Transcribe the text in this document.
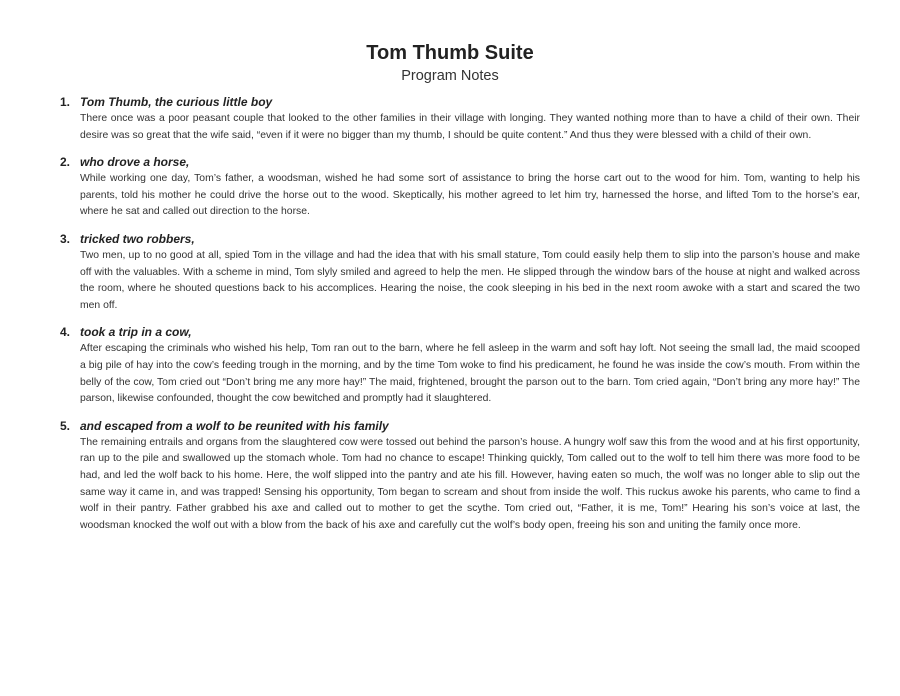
Tom Thumb Suite

Program Notes

1. Tom Thumb, the curious little boy

There once was a poor peasant couple that looked to the other families in their village with longing. They wanted nothing more than to have a child of their own. Their desire was so great that the wife said, “even if it were no bigger than my thumb, I should be quite content.” And thus they were blessed with a child of their own.

2. who drove a horse,

While working one day, Tom’s father, a woodsman, wished he had some sort of assistance to bring the horse cart out to the wood for him. Tom, wanting to help his parents, told his mother he could drive the horse out to the wood. Skeptically, his mother agreed to let him try, harnessed the horse, and lifted Tom to the horse’s ear, where he sat and called out direction to the horse.

3. tricked two robbers,

Two men, up to no good at all, spied Tom in the village and had the idea that with his small stature, Tom could easily help them to slip into the parson’s house and make off with the valuables. With a scheme in mind, Tom slyly smiled and agreed to help the men. He slipped through the window bars of the house at night and walked across the room, where he shouted questions back to his accomplices. Hearing the noise, the cook sleeping in his bed in the next room awoke with a start and scared the two men off.

4. took a trip in a cow,

After escaping the criminals who wished his help, Tom ran out to the barn, where he fell asleep in the warm and soft hay loft. Not seeing the small lad, the maid scooped a big pile of hay into the cow’s feeding trough in the morning, and by the time Tom woke to find his predicament, he found he was inside the cow’s mouth. From within the belly of the cow, Tom cried out “Don’t bring me any more hay!” The maid, frightened, brought the parson out to the barn. Tom cried again, “Don’t bring any more hay!” The parson, likewise confounded, thought the cow bewitched and promptly had it slaughtered.

5. and escaped from a wolf to be reunited with his family

The remaining entrails and organs from the slaughtered cow were tossed out behind the parson’s house. A hungry wolf saw this from the wood and at his first opportunity, ran up to the pile and swallowed up the stomach whole. Tom had no chance to escape! Thinking quickly, Tom called out to the wolf to tell him there was more food to be had, and led the wolf back to his home. Here, the wolf slipped into the pantry and ate his fill. However, having eaten so much, the wolf was no longer able to slip out the same way it came in, and was trapped! Sensing his opportunity, Tom began to scream and shout from inside the wolf. This ruckus awoke his parents, who came to find a wolf in their pantry. Father grabbed his axe and called out to mother to get the scythe. Tom cried out, “Father, it is me, Tom!” Hearing his son’s voice at last, the woodsman knocked the wolf out with a blow from the back of his axe and carefully cut the wolf’s body open, freeing his son and uniting the family once more.
